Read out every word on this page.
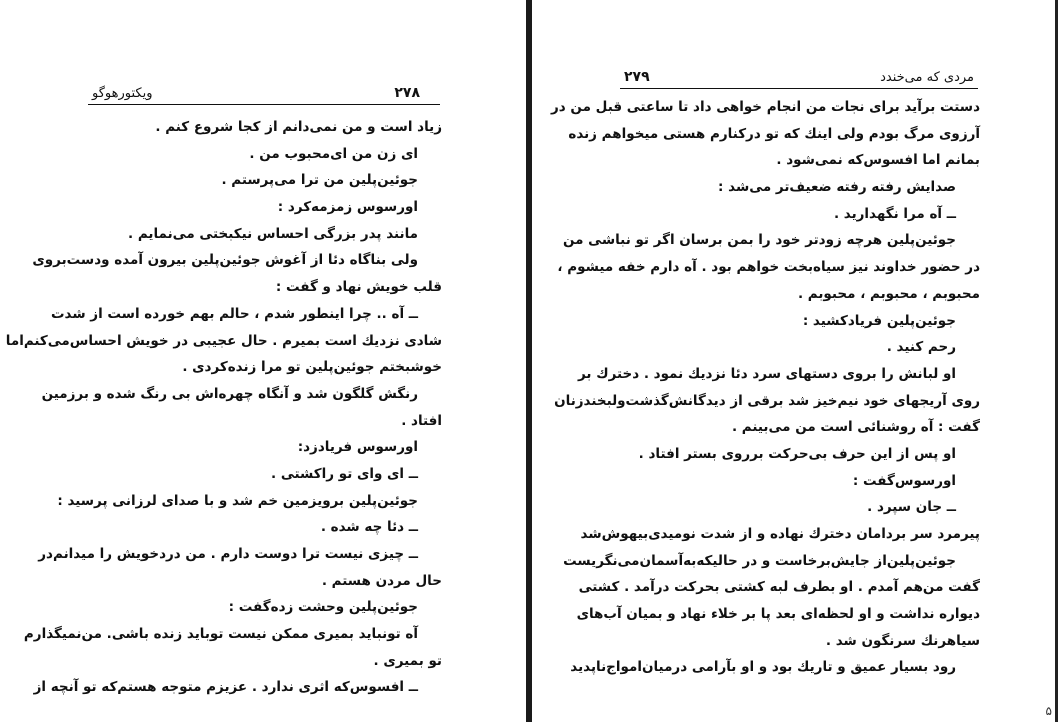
ویکتورهوگو	۲۷۸
زیاد است و من نمی‌دانم از کجا شروع کنم .
ای زن من ای‌محبوب من .
جوئین‌پلین من ترا می‌پرستم .
اورسوس زمزمه‌کرد :
مانند پدر بزرگی احساس نیکبختی می‌نمایم .
ولی بناگاه دئا از آغوش جوئین‌پلین بیرون آمده ودست‌بروی
قلب خویش نهاد و گفت :
ــ آه .. چرا اینطور شدم ، حالم بهم خورده است از شدت
شادی نزدیك است بمیرم . حال عجیبی در خویش احساس‌می‌کنم‌اما
خوشبختم جوئین‌پلین تو مرا زنده‌کردی .
رنگش گلگون شد و آنگاه چهره‌اش بی رنگ شده و برزمین
افتاد .
اورسوس فریادزد:
ــ ای وای تو راکشتی .
جوئین‌پلین برویزمین خم شد و با صدای لرزانی پرسید :
ــ دئا چه شده .
ــ چیزی نیست ترا دوست دارم . من دردخویش را میدانم‌در
حال مردن هستم .
جوئین‌پلین وحشت زده‌گفت :
آه تو‌نباید بمیری ممکن نیست تو‌باید زنده باشی. من‌نمیگذارم
تو بمیری .
ــ افسوس‌که اثری ندارد . عزیزم متوجه هستم‌که تو آنچه از
مردی که می‌خندد
۲۷۹
دستت بر‌آید برای نجات من انجام خواهی داد تا ساعتی قبل من در
آرزوی مرگ بودم ولی اینك که تو در‌کنارم هستی میخواهم زنده
بمانم اما افسوس‌که نمی‌شود .
صدایش رفته رفته ضعیف‌تر می‌شد :
ــ آه مرا نگهدارید .
جوئین‌پلین هرچه زودتر خود را بمن برسان اگر تو نباشی من
در حضور خداوند نیز سیاه‌بخت خواهم بود . آه دارم خفه میشوم ،
محبوبم ، محبوبم ، محبوبم .
جوئین‌پلین فریاد‌کشید :
رحم کنید .
او لبانش را بروی دستهای سرد دئا نزدیك نمود . دخترك بر
روی آریجهای خود نیم‌خیز شد برقی از دیدگانش‌گذشت‌ولبخندزنان
گفت : آه روشنائی است من می‌بینم .
او پس از این حرف بی‌حرکت برروی بستر افتاد .
اورسوس‌گفت :
ــ جان سپرد .
پیرمرد سر بردامان دخترك نهاده و از شدت نومیدی‌بیهوش‌شد
جوئین‌پلین‌از جایش‌برخاست و در حالیکه‌به‌آسمان‌می‌نگریست
گفت من‌هم آمدم . او بطرف لبه کشتی بحرکت در‌آمد . کشتی
دیواره نداشت و او لحظه‌ای بعد پا بر خلاء نهاد و بمیان آب‌های
سیاهرنك سرنگون شد .
رود بسیار عمیق و تاریك بود و او بآرامی درمیان‌امواج‌ناپدید
۵
